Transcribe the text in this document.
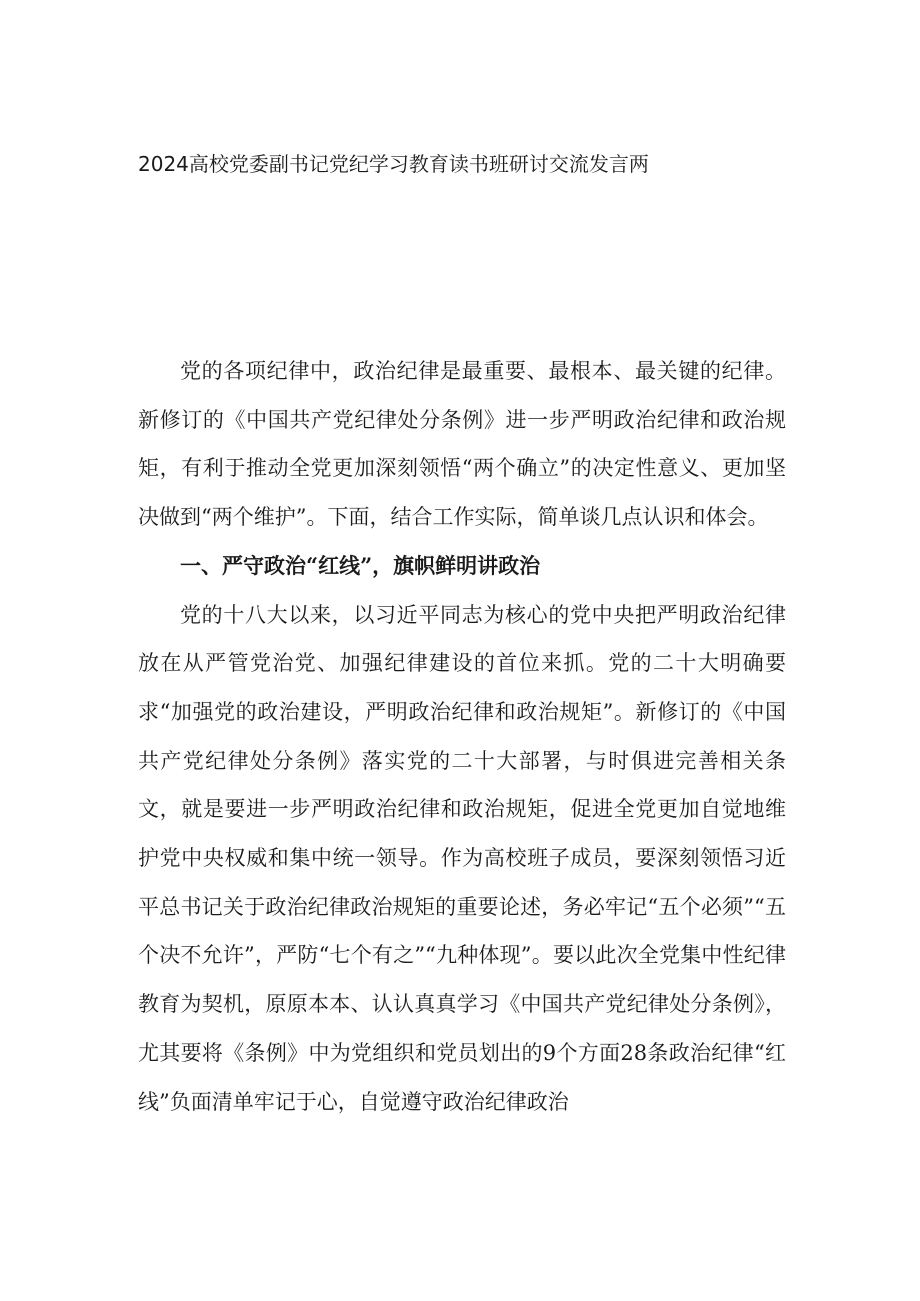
2024高校党委副书记党纪学习教育读书班研讨交流发言两

党的各项纪律中，政治纪律是最重要、最根本、最关键的纪律。新修订的《中国共产党纪律处分条例》进一步严明政治纪律和政治规矩，有利于推动全党更加深刻领悟“两个确立”的决定性意义、更加坚决做到“两个维护”。下面，结合工作实际，简单谈几点认识和体会。

一、严守政治“红线”，旗帜鲜明讲政治

党的十八大以来，以习近平同志为核心的党中央把严明政治纪律放在从严管党治党、加强纪律建设的首位来抓。党的二十大明确要求“加强党的政治建设，严明政治纪律和政治规矩”。新修订的《中国共产党纪律处分条例》落实党的二十大部署，与时俱进完善相关条文，就是要进一步严明政治纪律和政治规矩，促进全党更加自觉地维护党中央权威和集中统一领导。作为高校班子成员，要深刻领悟习近平总书记关于政治纪律政治规矩的重要论述，务必牢记“五个必须”“五个决不允许”，严防“七个有之”“九种体现”。要以此次全党集中性纪律教育为契机，原原本本、认认真真学习《中国共产党纪律处分条例》，尤其要将《条例》中为党组织和党员划出的9个方面28条政治纪律“红线”负面清单牢记于心，自觉遵守政治纪律政治
